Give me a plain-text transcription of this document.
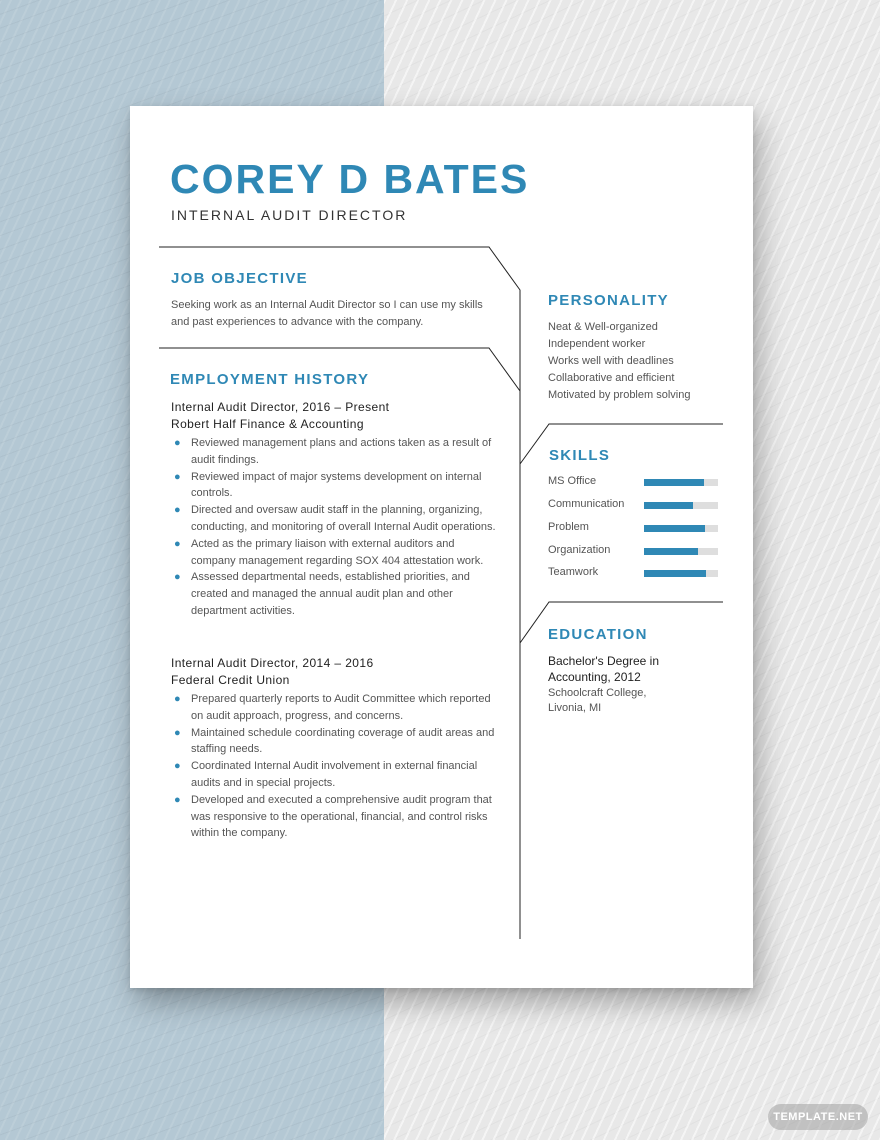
COREY D BATES
INTERNAL AUDIT DIRECTOR
JOB OBJECTIVE
Seeking work as an Internal Audit Director so I can use my skills and past experiences to advance with the company.
EMPLOYMENT HISTORY
Internal Audit Director, 2016 – Present
Robert Half Finance & Accounting
● Reviewed management plans and actions taken as a result of audit findings.
● Reviewed impact of major systems development on internal controls.
● Directed and oversaw audit staff in the planning, organizing, conducting, and monitoring of overall Internal Audit operations.
● Acted as the primary liaison with external auditors and company management regarding SOX 404 attestation work.
● Assessed departmental needs, established priorities, and created and managed the annual audit plan and other department activities.
Internal Audit Director, 2014 – 2016
Federal Credit Union
● Prepared quarterly reports to Audit Committee which reported on audit approach, progress, and concerns.
● Maintained schedule coordinating coverage of audit areas and staffing needs.
● Coordinated Internal Audit involvement in external financial audits and in special projects.
● Developed and executed a comprehensive audit program that was responsive to the operational, financial, and control risks within the company.
PERSONALITY
Neat & Well-organized
Independent worker
Works well with deadlines
Collaborative and efficient
Motivated by problem solving
SKILLS
MS Office
Communication
Problem
Organization
Teamwork
EDUCATION
Bachelor's Degree in
Accounting, 2012
Schoolcraft College,
Livonia, MI
TEMPLATE.NET
